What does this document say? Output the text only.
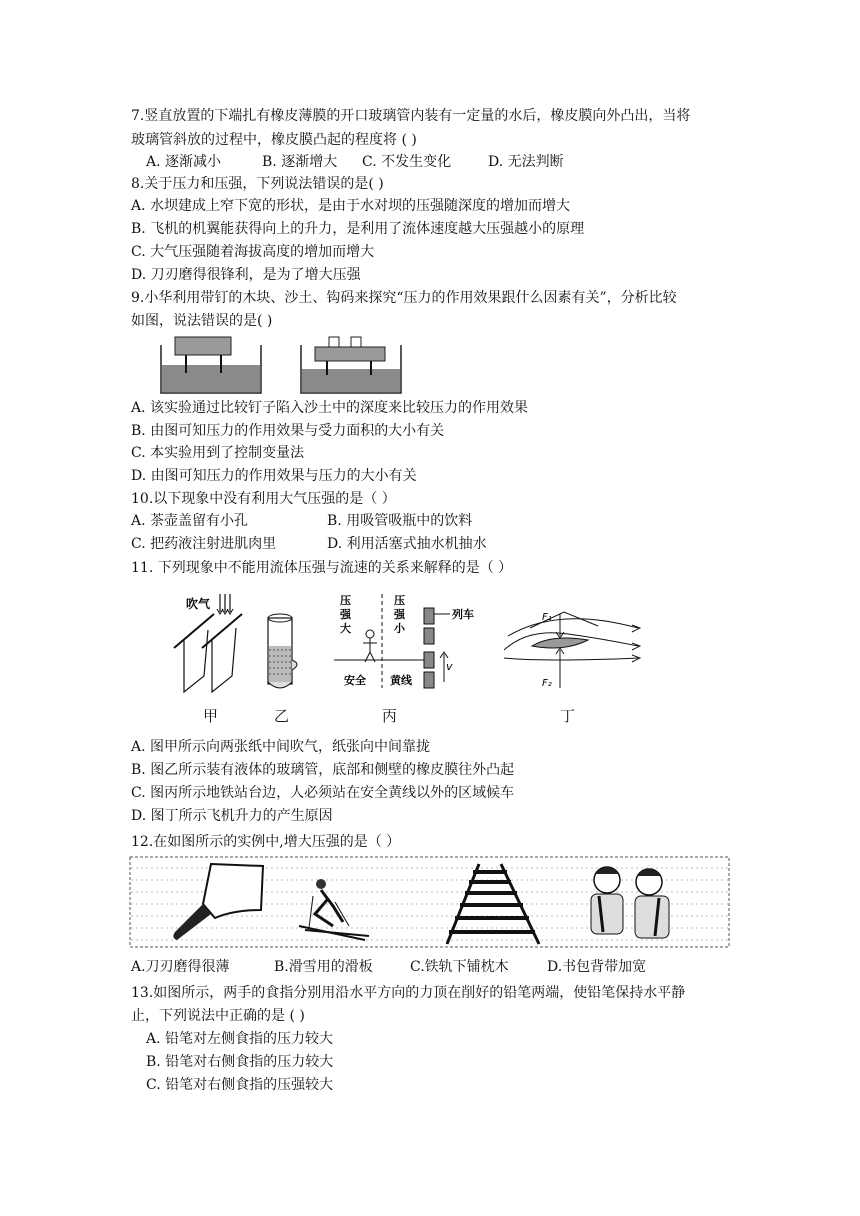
7.竖直放置的下端扎有橡皮薄膜的开口玻璃管内装有一定量的水后，橡皮膜向外凸出，当将
玻璃管斜放的过程中，橡皮膜凸起的程度将 ( )
A. 逐渐减小	B. 逐渐增大 C. 不发生变化	D. 无法判断
8.关于压力和压强，下列说法错误的是( )
A. 水坝建成上窄下宽的形状，是由于水对坝的压强随深度的增加而增大
B. 飞机的机翼能获得向上的升力，是利用了流体速度越大压强越小的原理
C. 大气压强随着海拔高度的增加而增大
D. 刀刃磨得很锋利，是为了增大压强
9.小华利用带钉的木块、沙土、钩码来探究“压力的作用效果跟什么因素有关”，分析比较
如图，说法错误的是( )
A. 该实验通过比较钉子陷入沙土中的深度来比较压力的作用效果
B. 由图可知压力的作用效果与受力面积的大小有关
C. 本实验用到了控制变量法
D. 由图可知压力的作用效果与压力的大小有关
10.以下现象中没有利用大气压强的是（ ）
A. 茶壶盖留有小孔	B. 用吸管吸瓶中的饮料
C. 把药液注射进肌肉里	D. 利用活塞式抽水机抽水
11. 下列现象中不能用流体压强与流速的关系来解释的是（ ）
吹气	压
强
大
压
强
小
安全 黄线
v
列车	F₁
F₂
甲	乙	丙	丁
A. 图甲所示向两张纸中间吹气，纸张向中间靠拢
B. 图乙所示装有液体的玻璃管，底部和侧壁的橡皮膜往外凸起
C. 图丙所示地铁站台边，人必须站在安全黄线以外的区域候车
D. 图丁所示飞机升力的产生原因
12.在如图所示的实例中,增大压强的是（ ）
A.刀刃磨得很薄	B.滑雪用的滑板	C.铁轨下铺枕木	D.书包背带加宽
13.如图所示，两手的食指分别用沿水平方向的力顶在削好的铅笔两端，使铅笔保持水平静
止，下列说法中正确的是 ( )
A. 铅笔对左侧食指的压力较大
B. 铅笔对右侧食指的压力较大
C. 铅笔对右侧食指的压强较大
